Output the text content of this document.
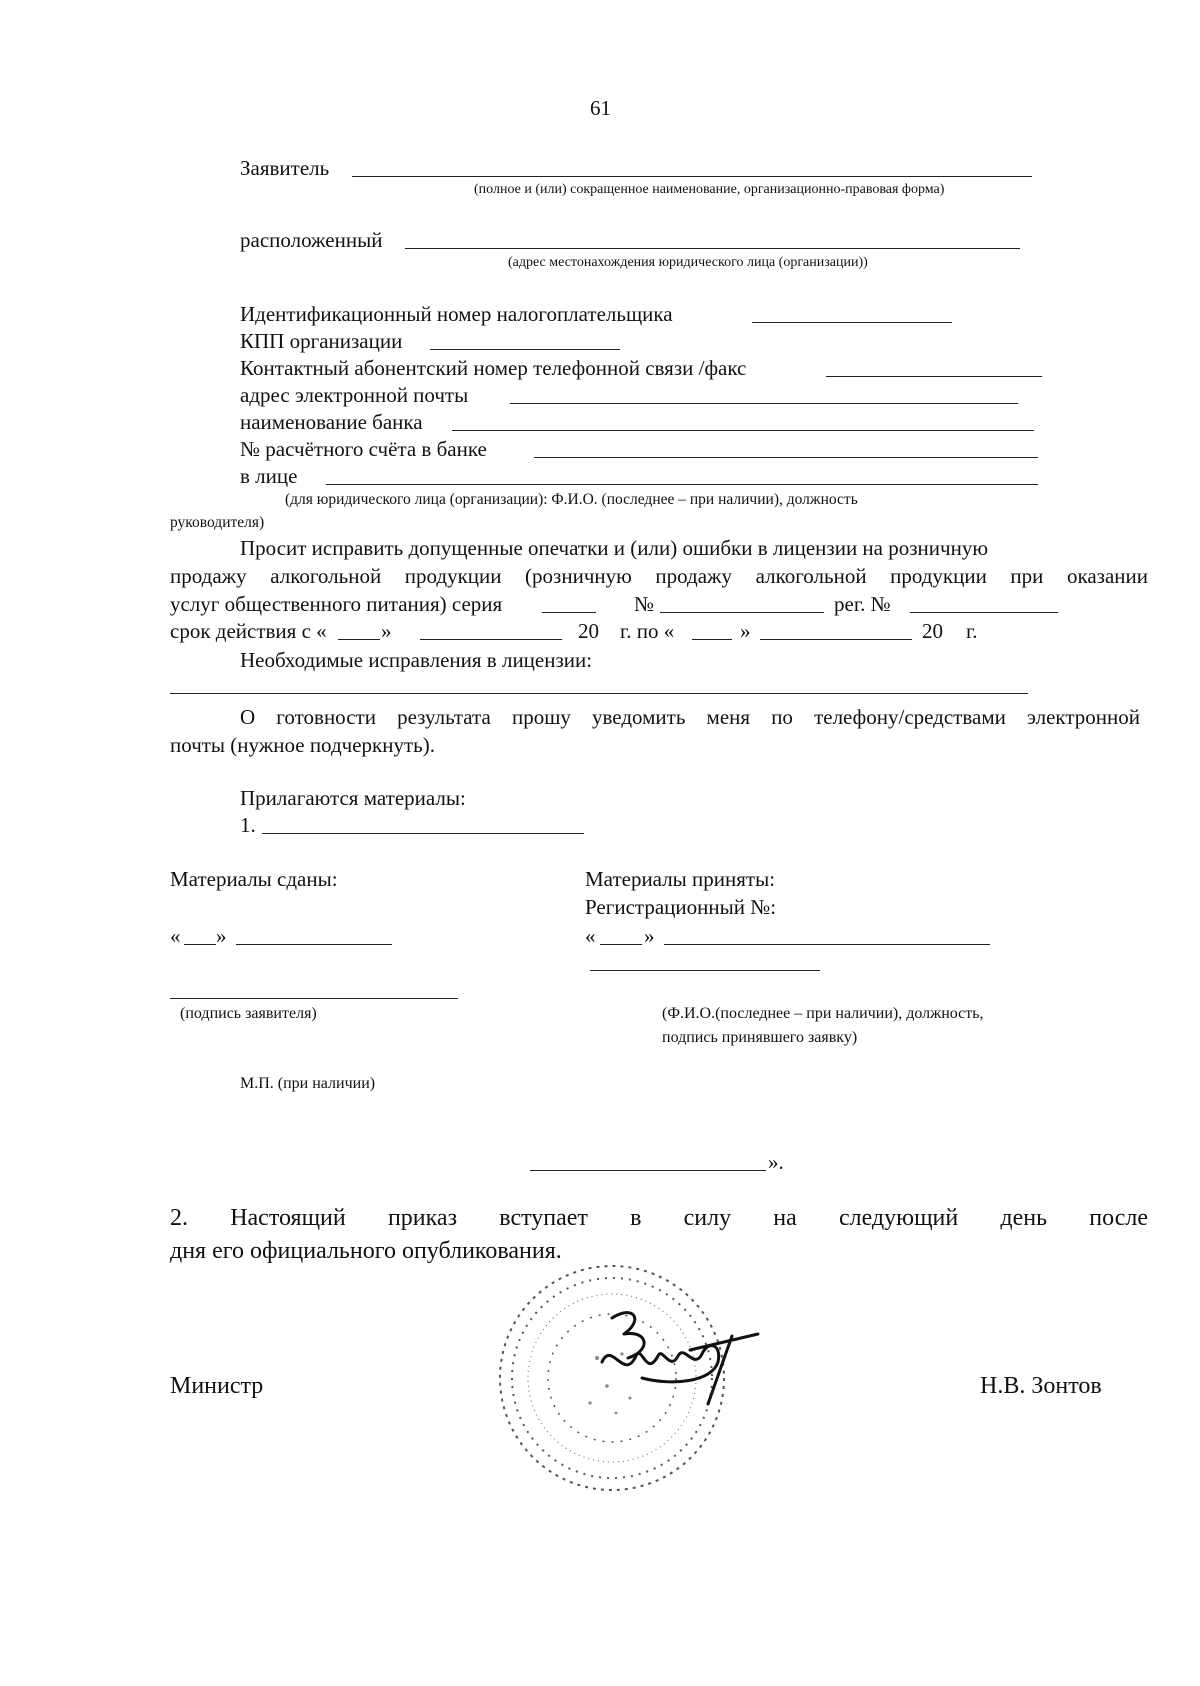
61
Заявитель
(полное и (или) сокращенное наименование, организационно-правовая форма)
расположенный
(адрес местонахождения юридического лица (организации))
Идентификационный номер налогоплательщика
КПП организации
Контактный абонентский номер телефонной связи /факс
адрес электронной почты
наименование банка
№ расчётного счёта в банке
в лице
(для юридического лица (организации): Ф.И.О. (последнее – при наличии), должность
руководителя)
Просит исправить допущенные опечатки и (или) ошибки в лицензии на розничную
продажу алкогольной продукции (розничную продажу алкогольной продукции при оказании
услуг общественного питания) серия	№	рег. №
срок действия с «	»	20 г. по «	»	20 г.
Необходимые исправления в лицензии:
О готовности результата прошу уведомить меня по телефону/средствами электронной
почты (нужное подчеркнуть).
Прилагаются материалы:
1.
Материалы сданы:	Материалы приняты:
Регистрационный №:
« »	« »
(подпись заявителя)	(Ф.И.О.(последнее – при наличии), должность,
подпись принявшего заявку)
М.П. (при наличии)
».
2. Настоящий приказ вступает в силу на следующий день после
дня его официального опубликования.
Министр	Н.В. Зонтов
